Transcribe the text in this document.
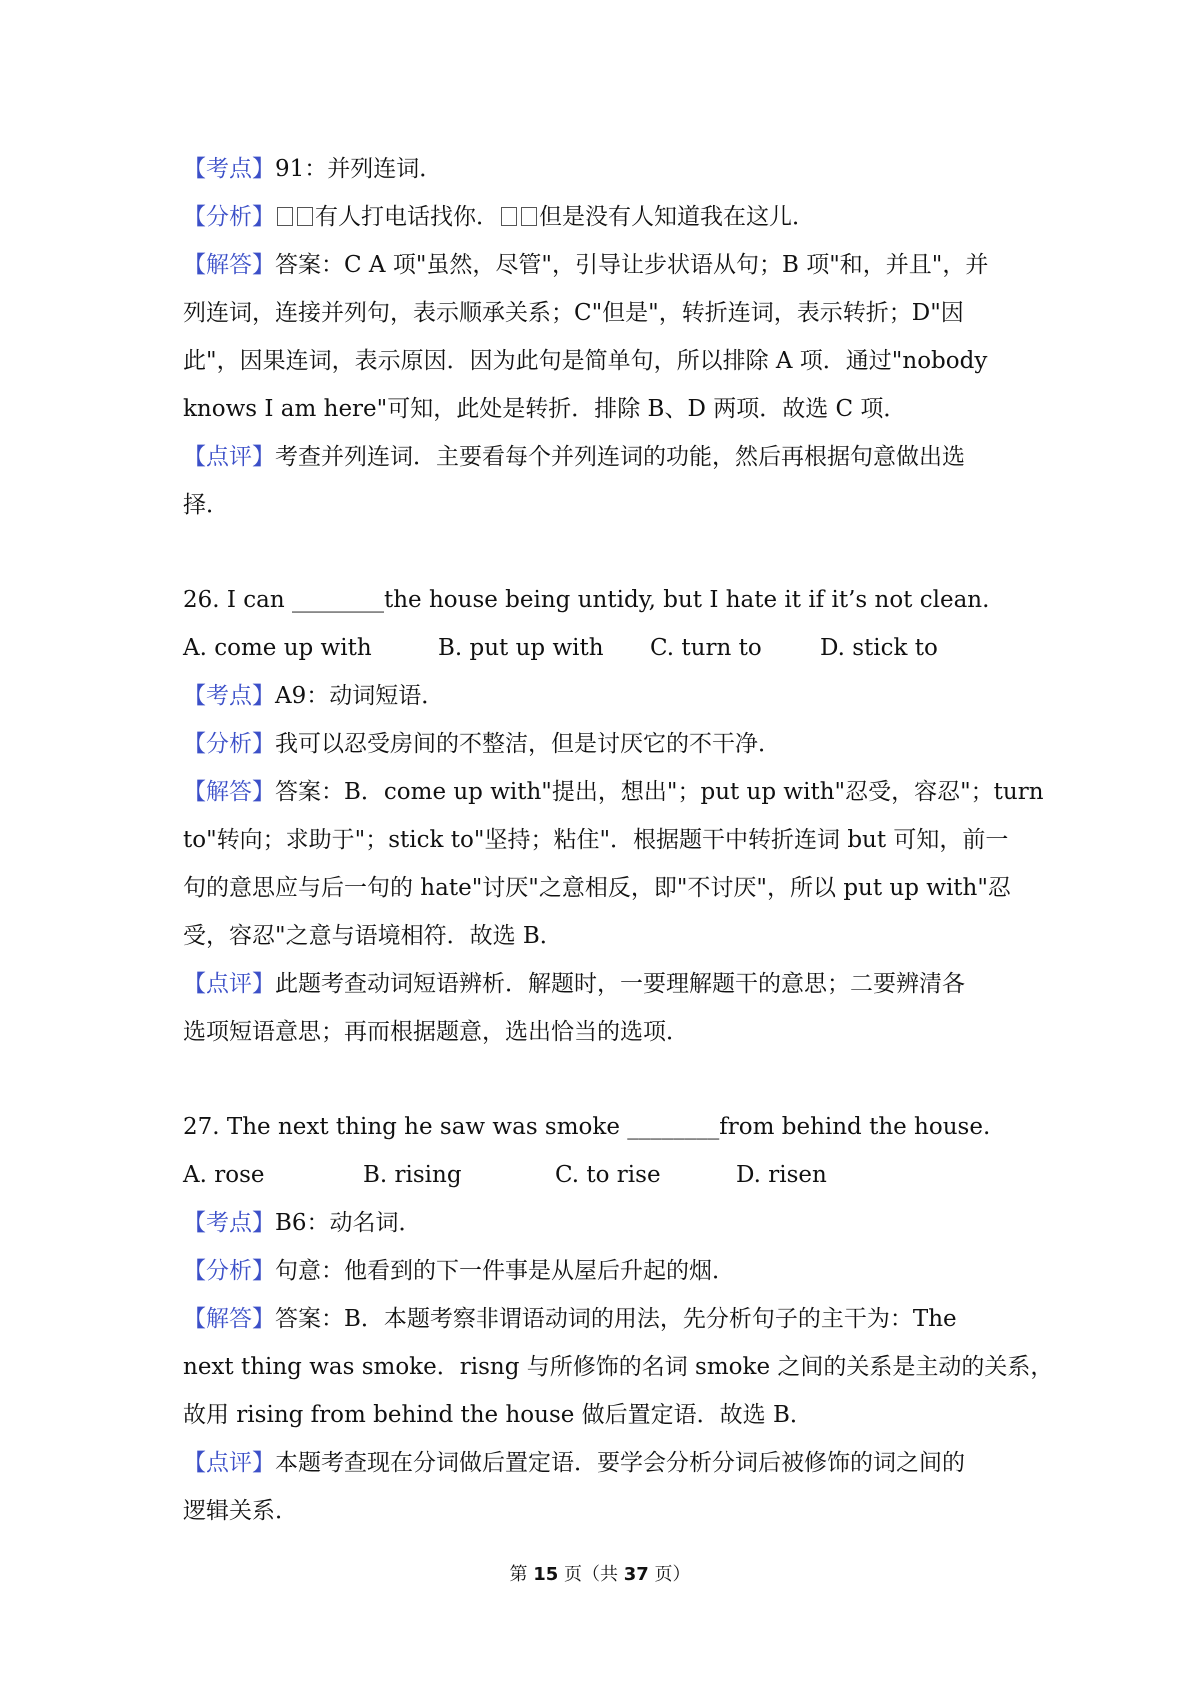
【考点】91：并列连词．
【分析】 有人打电话找你． 但是没有人知道我在这儿．
【解答】答案：C A 项"虽然，尽管"，引导让步状语从句；B 项"和，并且"，并
列连词，连接并列句，表示顺承关系；C"但是"，转折连词，表示转折；D"因
此"，因果连词，表示原因．因为此句是简单句，所以排除 A 项．通过"nobody
knows I am here"可知，此处是转折．排除 B、D 两项．故选 C 项．
【点评】考查并列连词．主要看每个并列连词的功能，然后再根据句意做出选
择．
26. I can ________the house being untidy, but I hate it if it’s not clean.
A. come up with	B. put up with C. turn to	D. stick to
【考点】A9：动词短语．
【分析】我可以忍受房间的不整洁，但是讨厌它的不干净．
【解答】答案：B．come up with"提出，想出"；put up with"忍受，容忍"；turn
to"转向；求助于"；stick to"坚持；粘住"．根据题干中转折连词 but 可知，前一
句的意思应与后一句的 hate"讨厌"之意相反，即"不讨厌"，所以 put up with"忍
受，容忍"之意与语境相符．故选 B．
【点评】此题考查动词短语辨析．解题时，一要理解题干的意思；二要辨清各
选项短语意思；再而根据题意，选出恰当的选项．
27. The next thing he saw was smoke ________from behind the house.
A. rose	B. rising	C. to rise	D. risen
【考点】B6：动名词．
【分析】句意：他看到的下一件事是从屋后升起的烟．
【解答】答案：B．本题考察非谓语动词的用法，先分析句子的主干为：The
next thing was smoke．risng 与所修饰的名词 smoke 之间的关系是主动的关系，
故用 rising from behind the house 做后置定语．故选 B．
【点评】本题考查现在分词做后置定语．要学会分析分词后被修饰的词之间的
逻辑关系．
第 15 页（共 37 页）
